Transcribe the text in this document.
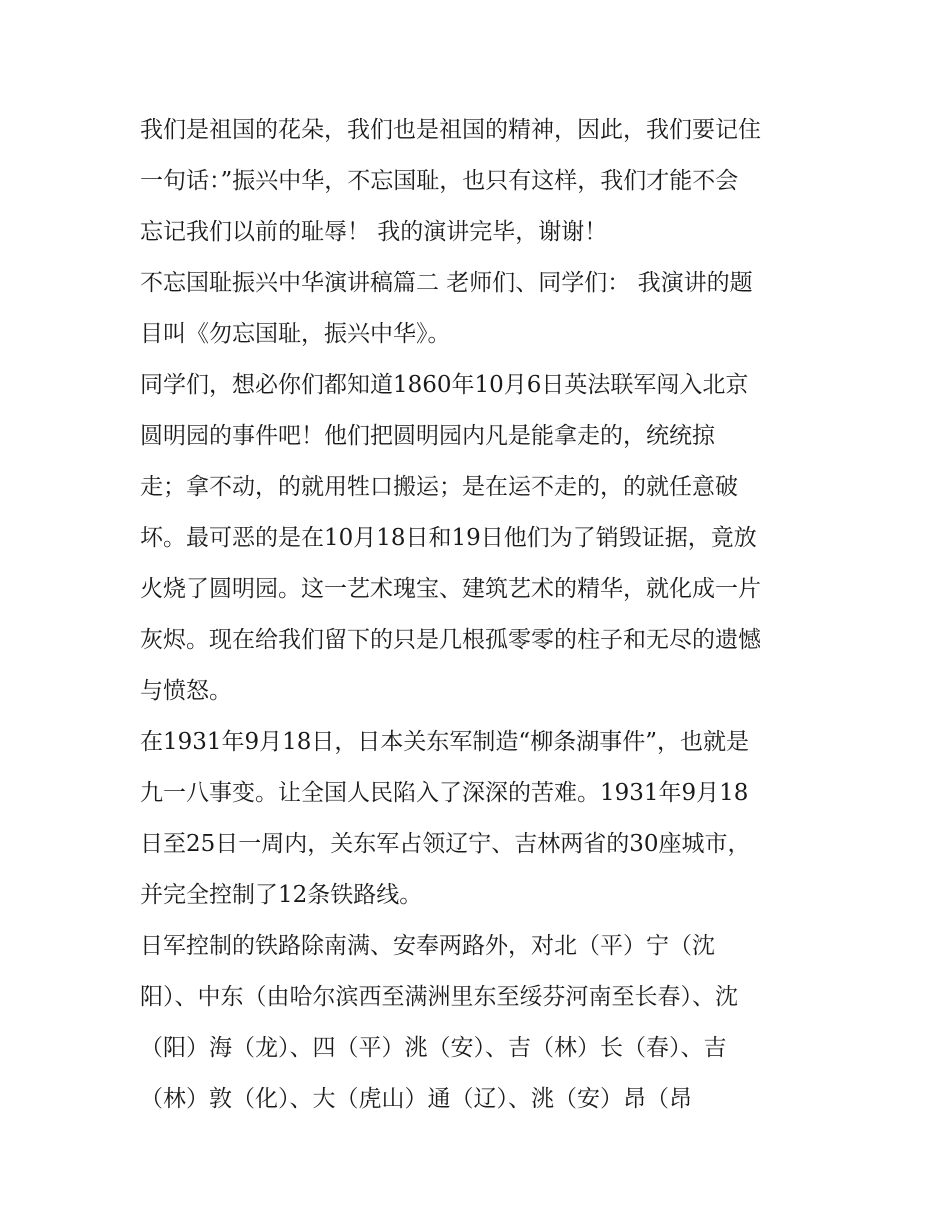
我们是祖国的花朵，我们也是祖国的精神，因此，我们要记住
一句话：”振兴中华，不忘国耻，也只有这样，我们才能不会
忘记我们以前的耻辱！ 我的演讲完毕，谢谢！
不忘国耻振兴中华演讲稿篇二 老师们、同学们： 我演讲的题
目叫《勿忘国耻，振兴中华》。
同学们，想必你们都知道1860年10月6日英法联军闯入北京
圆明园的事件吧！他们把圆明园内凡是能拿走的，统统掠
走；拿不动，的就用牲口搬运；是在运不走的，的就任意破
坏。最可恶的是在10月18日和19日他们为了销毁证据，竟放
火烧了圆明园。这一艺术瑰宝、建筑艺术的精华，就化成一片
灰烬。现在给我们留下的只是几根孤零零的柱子和无尽的遗憾
与愤怒。
在1931年9月18日，日本关东军制造“柳条湖事件”，也就是
九一八事变。让全国人民陷入了深深的苦难。1931年9月18
日至25日一周内，关东军占领辽宁、吉林两省的30座城市，
并完全控制了12条铁路线。
日军控制的铁路除南满、安奉两路外，对北（平）宁（沈
阳）、中东（由哈尔滨西至满洲里东至绥芬河南至长春）、沈
（阳）海（龙）、四（平）洮（安）、吉（林）长（春）、吉
（林）敦（化）、大（虎山）通（辽）、洮（安）昂（昂
